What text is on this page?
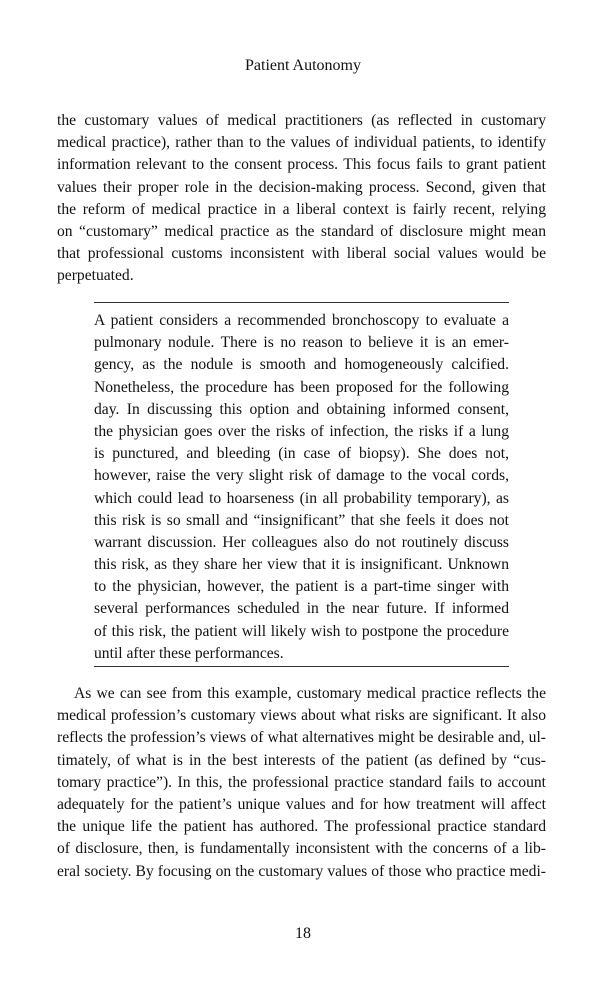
Patient Autonomy
the customary values of medical practitioners (as reflected in customary
medical practice), rather than to the values of individual patients, to identify
information relevant to the consent process. This focus fails to grant patient
values their proper role in the decision-making process. Second, given that
the reform of medical practice in a liberal context is fairly recent, relying
on “customary” medical practice as the standard of disclosure might mean
that professional customs inconsistent with liberal social values would be
perpetuated.
A patient considers a recommended bronchoscopy to evaluate a
pulmonary nodule. There is no reason to believe it is an emer-
gency, as the nodule is smooth and homogeneously calcified.
Nonetheless, the procedure has been proposed for the following
day. In discussing this option and obtaining informed consent,
the physician goes over the risks of infection, the risks if a lung
is punctured, and bleeding (in case of biopsy). She does not,
however, raise the very slight risk of damage to the vocal cords,
which could lead to hoarseness (in all probability temporary), as
this risk is so small and “insignificant” that she feels it does not
warrant discussion. Her colleagues also do not routinely discuss
this risk, as they share her view that it is insignificant. Unknown
to the physician, however, the patient is a part-time singer with
several performances scheduled in the near future. If informed
of this risk, the patient will likely wish to postpone the procedure
until after these performances.
As we can see from this example, customary medical practice reflects the
medical profession’s customary views about what risks are significant. It also
reflects the profession’s views of what alternatives might be desirable and, ul-
timately, of what is in the best interests of the patient (as defined by “cus-
tomary practice”). In this, the professional practice standard fails to account
adequately for the patient’s unique values and for how treatment will affect
the unique life the patient has authored. The professional practice standard
of disclosure, then, is fundamentally inconsistent with the concerns of a lib-
eral society. By focusing on the customary values of those who practice medi-
18
